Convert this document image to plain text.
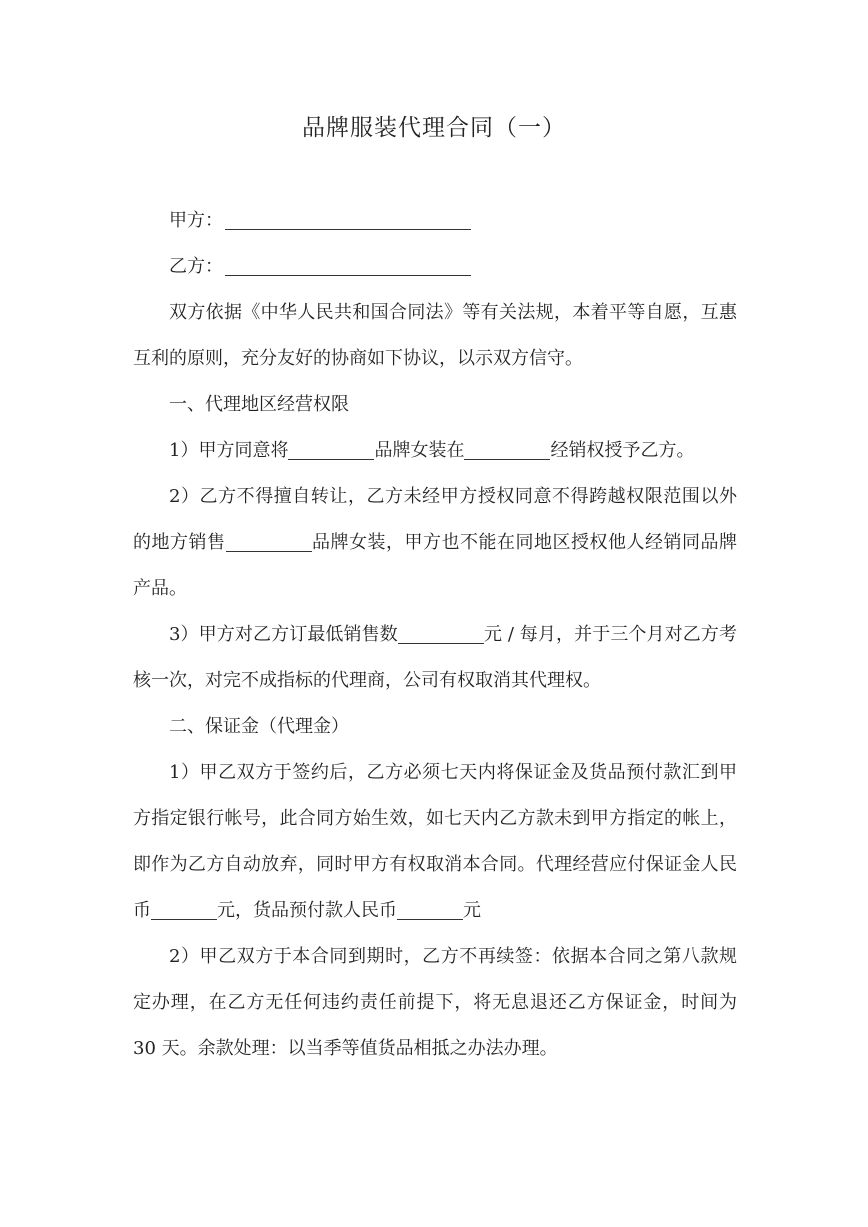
品牌服装代理合同（一）

甲方：

乙方：

双方依据《中华人民共和国合同法》等有关法规，本着平等自愿，互惠互利的原则，充分友好的协商如下协议，以示双方信守。

一、代理地区经营权限

1）甲方同意将	品牌女装在	经销权授予乙方。

2）乙方不得擅自转让，乙方未经甲方授权同意不得跨越权限范围以外的地方销售	品牌女装，甲方也不能在同地区授权他人经销同品牌产品。

3）甲方对乙方订最低销售数	元 / 每月，并于三个月对乙方考核一次，对完不成指标的代理商，公司有权取消其代理权。

二、保证金（代理金）

1）甲乙双方于签约后，乙方必须七天内将保证金及货品预付款汇到甲方指定银行帐号，此合同方始生效，如七天内乙方款未到甲方指定的帐上，即作为乙方自动放弃，同时甲方有权取消本合同。代理经营应付保证金人民币	元，货品预付款人民币	元

2）甲乙双方于本合同到期时，乙方不再续签：依据本合同之第八款规定办理，在乙方无任何违约责任前提下，将无息退还乙方保证金，时间为 30 天。余款处理：以当季等值货品相抵之办法办理。
